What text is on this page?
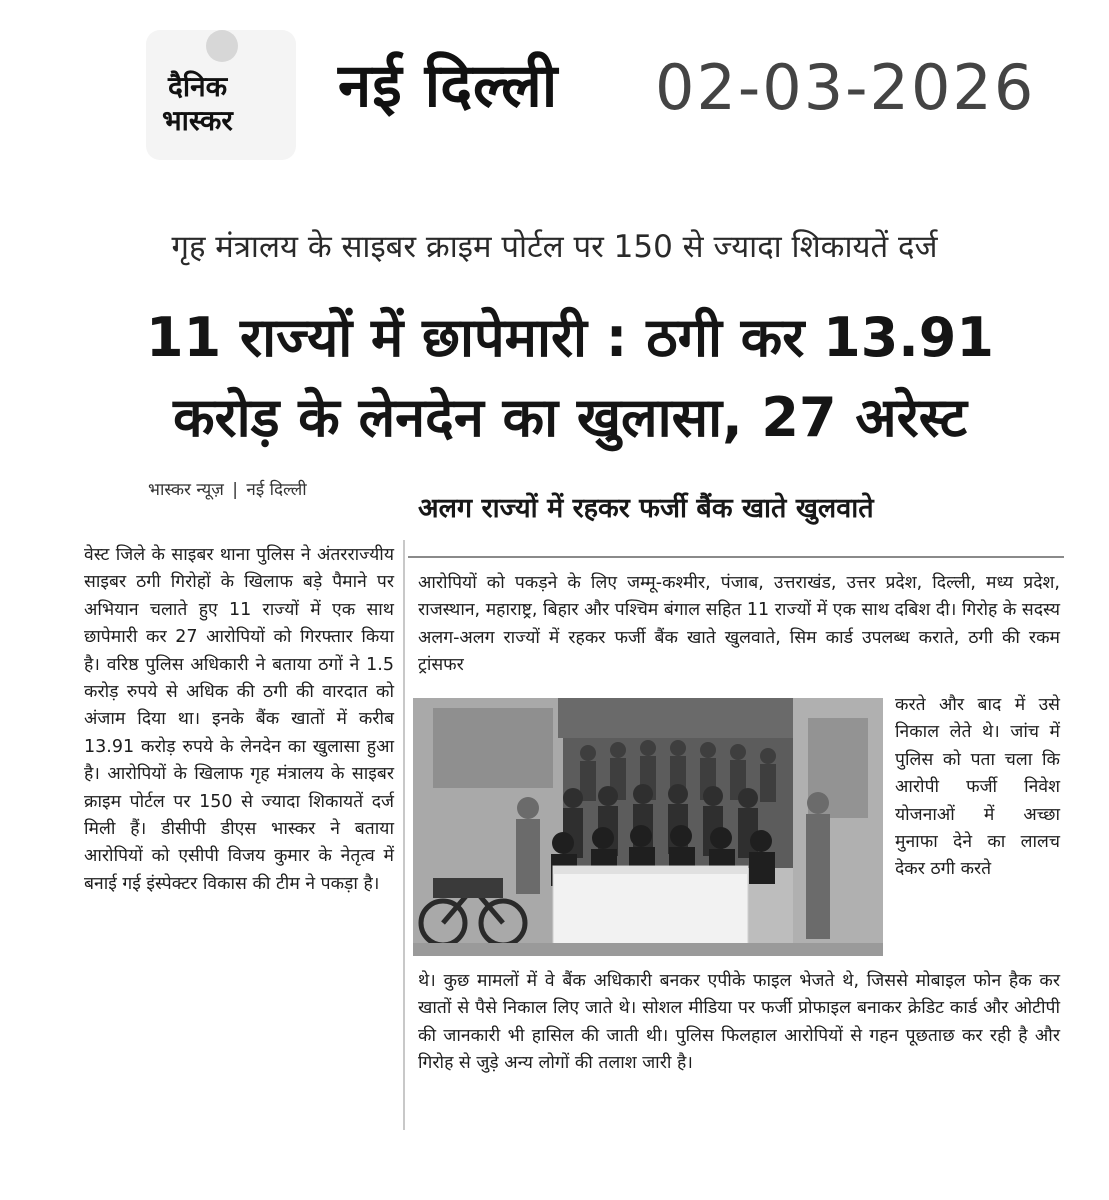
दैनिक
भास्कर नई दिल्ली 02-03-2026
गृह मंत्रालय के साइबर क्राइम पोर्टल पर 150 से ज्यादा शिकायतें दर्ज
11 राज्यों में छापेमारी : ठगी कर 13.91
करोड़ के लेनदेन का खुलासा, 27 अरेस्ट
भास्कर न्यूज़ | नई दिल्ली
अलग राज्यों में रहकर फर्जी बैंक खाते खुलवाते
वेस्ट जिले के साइबर थाना पुलिस ने अंतरराज्यीय साइबर ठगी गिरोहों के खिलाफ बड़े पैमाने पर अभियान चलाते हुए 11 राज्यों में एक साथ छापेमारी कर 27 आरोपियों को गिरफ्तार किया है। वरिष्ठ पुलिस अधिकारी ने बताया ठगों ने 1.5 करोड़ रुपये से अधिक की ठगी की वारदात को अंजाम दिया था। इनके बैंक खातों में करीब 13.91 करोड़ रुपये के लेनदेन का खुलासा हुआ है। आरोपियों के खिलाफ गृह मंत्रालय के साइबर क्राइम पोर्टल पर 150 से ज्यादा शिकायतें दर्ज मिली हैं। डीसीपी डीएस भास्कर ने बताया आरोपियों को एसीपी विजय कुमार के नेतृत्व में बनाई गई इंस्पेक्टर विकास की टीम ने पकड़ा है।
आरोपियों को पकड़ने के लिए जम्मू-कश्मीर, पंजाब, उत्तराखंड, उत्तर प्रदेश, दिल्ली, मध्य प्रदेश, राजस्थान, महाराष्ट्र, बिहार और पश्चिम बंगाल सहित 11 राज्यों में एक साथ दबिश दी। गिरोह के सदस्य अलग-अलग राज्यों में रहकर फर्जी बैंक खाते खुलवाते, सिम कार्ड उपलब्ध कराते, ठगी की रकम ट्रांसफर
करते और बाद में उसे निकाल लेते थे। जांच में पुलिस को पता चला कि आरोपी फर्जी निवेश योजनाओं में अच्छा मुनाफा देने का लालच देकर ठगी करते
थे। कुछ मामलों में वे बैंक अधिकारी बनकर एपीके फाइल भेजते थे, जिससे मोबाइल फोन हैक कर खातों से पैसे निकाल लिए जाते थे। सोशल मीडिया पर फर्जी प्रोफाइल बनाकर क्रेडिट कार्ड और ओटीपी की जानकारी भी हासिल की जाती थी। पुलिस फिलहाल आरोपियों से गहन पूछताछ कर रही है और गिरोह से जुड़े अन्य लोगों की तलाश जारी है।
